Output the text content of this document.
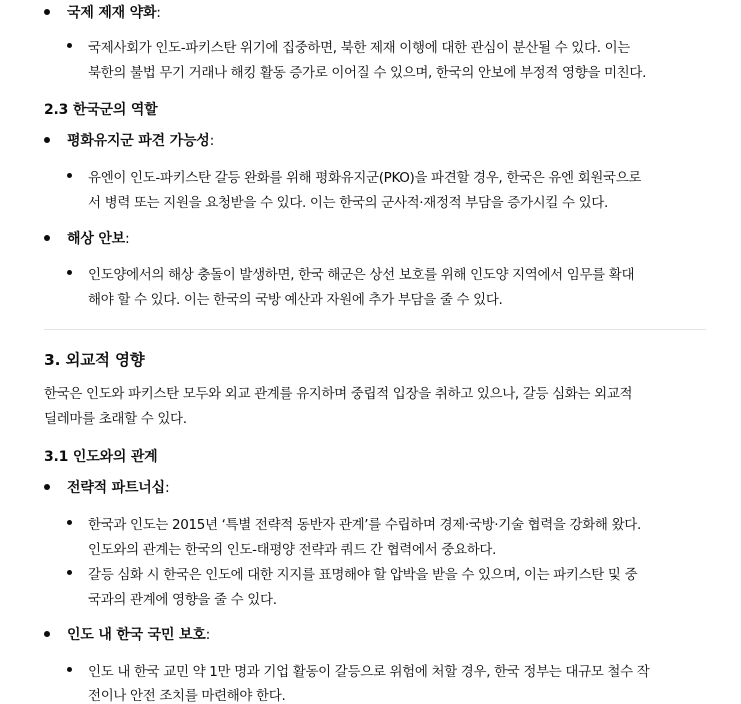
국제 제재 약화:
국제사회가 인도-파키스탄 위기에 집중하면, 북한 제재 이행에 대한 관심이 분산될 수 있다. 이는
북한의 불법 무기 거래나 해킹 활동 증가로 이어질 수 있으며, 한국의 안보에 부정적 영향을 미친다.
2.3 한국군의 역할
평화유지군 파견 가능성:
유엔이 인도-파키스탄 갈등 완화를 위해 평화유지군(PKO)을 파견할 경우, 한국은 유엔 회원국으로
서 병력 또는 지원을 요청받을 수 있다. 이는 한국의 군사적·재정적 부담을 증가시킬 수 있다.
해상 안보:
인도양에서의 해상 충돌이 발생하면, 한국 해군은 상선 보호를 위해 인도양 지역에서 임무를 확대
해야 할 수 있다. 이는 한국의 국방 예산과 자원에 추가 부담을 줄 수 있다.
3. 외교적 영향
한국은 인도와 파키스탄 모두와 외교 관계를 유지하며 중립적 입장을 취하고 있으나, 갈등 심화는 외교적
딜레마를 초래할 수 있다.
3.1 인도와의 관계
전략적 파트너십:
한국과 인도는 2015년 ‘특별 전략적 동반자 관계’를 수립하며 경제·국방·기술 협력을 강화해 왔다.
인도와의 관계는 한국의 인도-태평양 전략과 쿼드 간 협력에서 중요하다.
갈등 심화 시 한국은 인도에 대한 지지를 표명해야 할 압박을 받을 수 있으며, 이는 파키스탄 및 중
국과의 관계에 영향을 줄 수 있다.
인도 내 한국 국민 보호:
인도 내 한국 교민 약 1만 명과 기업 활동이 갈등으로 위험에 처할 경우, 한국 정부는 대규모 철수 작
전이나 안전 조치를 마련해야 한다.
